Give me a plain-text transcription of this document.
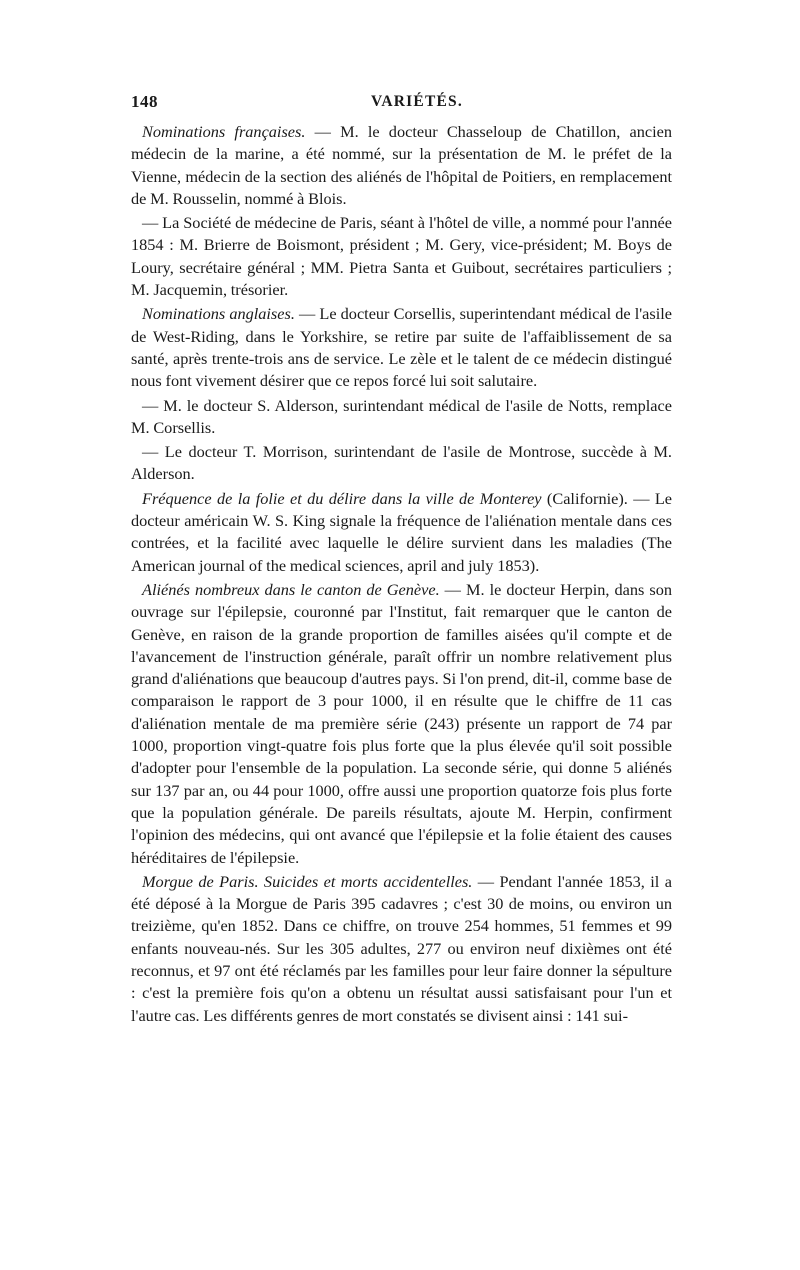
148	VARIÉTÉS.

Nominations françaises. — M. le docteur Chasseloup de Chatillon, ancien médecin de la marine, a été nommé, sur la présentation de M. le préfet de la Vienne, médecin de la section des aliénés de l'hôpital de Poitiers, en remplacement de M. Rousselin, nommé à Blois.

— La Société de médecine de Paris, séant à l'hôtel de ville, a nommé pour l'année 1854 : M. Brierre de Boismont, président ; M. Gery, vice-président; M. Boys de Loury, secrétaire général ; MM. Pietra Santa et Guibout, secrétaires particuliers ; M. Jacquemin, trésorier.

Nominations anglaises. — Le docteur Corsellis, superintendant médical de l'asile de West-Riding, dans le Yorkshire, se retire par suite de l'affaiblissement de sa santé, après trente-trois ans de service. Le zèle et le talent de ce médecin distingué nous font vivement désirer que ce repos forcé lui soit salutaire.

— M. le docteur S. Alderson, surintendant médical de l'asile de Notts, remplace M. Corsellis.

— Le docteur T. Morrison, surintendant de l'asile de Montrose, succède à M. Alderson.

Fréquence de la folie et du délire dans la ville de Monterey (Californie). — Le docteur américain W. S. King signale la fréquence de l'aliénation mentale dans ces contrées, et la facilité avec laquelle le délire survient dans les maladies (The American journal of the medical sciences, april and july 1853).

Aliénés nombreux dans le canton de Genève. — M. le docteur Herpin, dans son ouvrage sur l'épilepsie, couronné par l'Institut, fait remarquer que le canton de Genève, en raison de la grande proportion de familles aisées qu'il compte et de l'avancement de l'instruction générale, paraît offrir un nombre relativement plus grand d'aliénations que beaucoup d'autres pays. Si l'on prend, dit-il, comme base de comparaison le rapport de 3 pour 1000, il en résulte que le chiffre de 11 cas d'aliénation mentale de ma première série (243) présente un rapport de 74 par 1000, proportion vingt-quatre fois plus forte que la plus élevée qu'il soit possible d'adopter pour l'ensemble de la population. La seconde série, qui donne 5 aliénés sur 137 par an, ou 44 pour 1000, offre aussi une proportion quatorze fois plus forte que la population générale. De pareils résultats, ajoute M. Herpin, confirment l'opinion des médecins, qui ont avancé que l'épilepsie et la folie étaient des causes héréditaires de l'épilepsie.

Morgue de Paris. Suicides et morts accidentelles. — Pendant l'année 1853, il a été déposé à la Morgue de Paris 395 cadavres ; c'est 30 de moins, ou environ un treizième, qu'en 1852. Dans ce chiffre, on trouve 254 hommes, 51 femmes et 99 enfants nouveau-nés. Sur les 305 adultes, 277 ou environ neuf dixièmes ont été reconnus, et 97 ont été réclamés par les familles pour leur faire donner la sépulture : c'est la première fois qu'on a obtenu un résultat aussi satisfaisant pour l'un et l'autre cas. Les différents genres de mort constatés se divisent ainsi : 141 sui-
